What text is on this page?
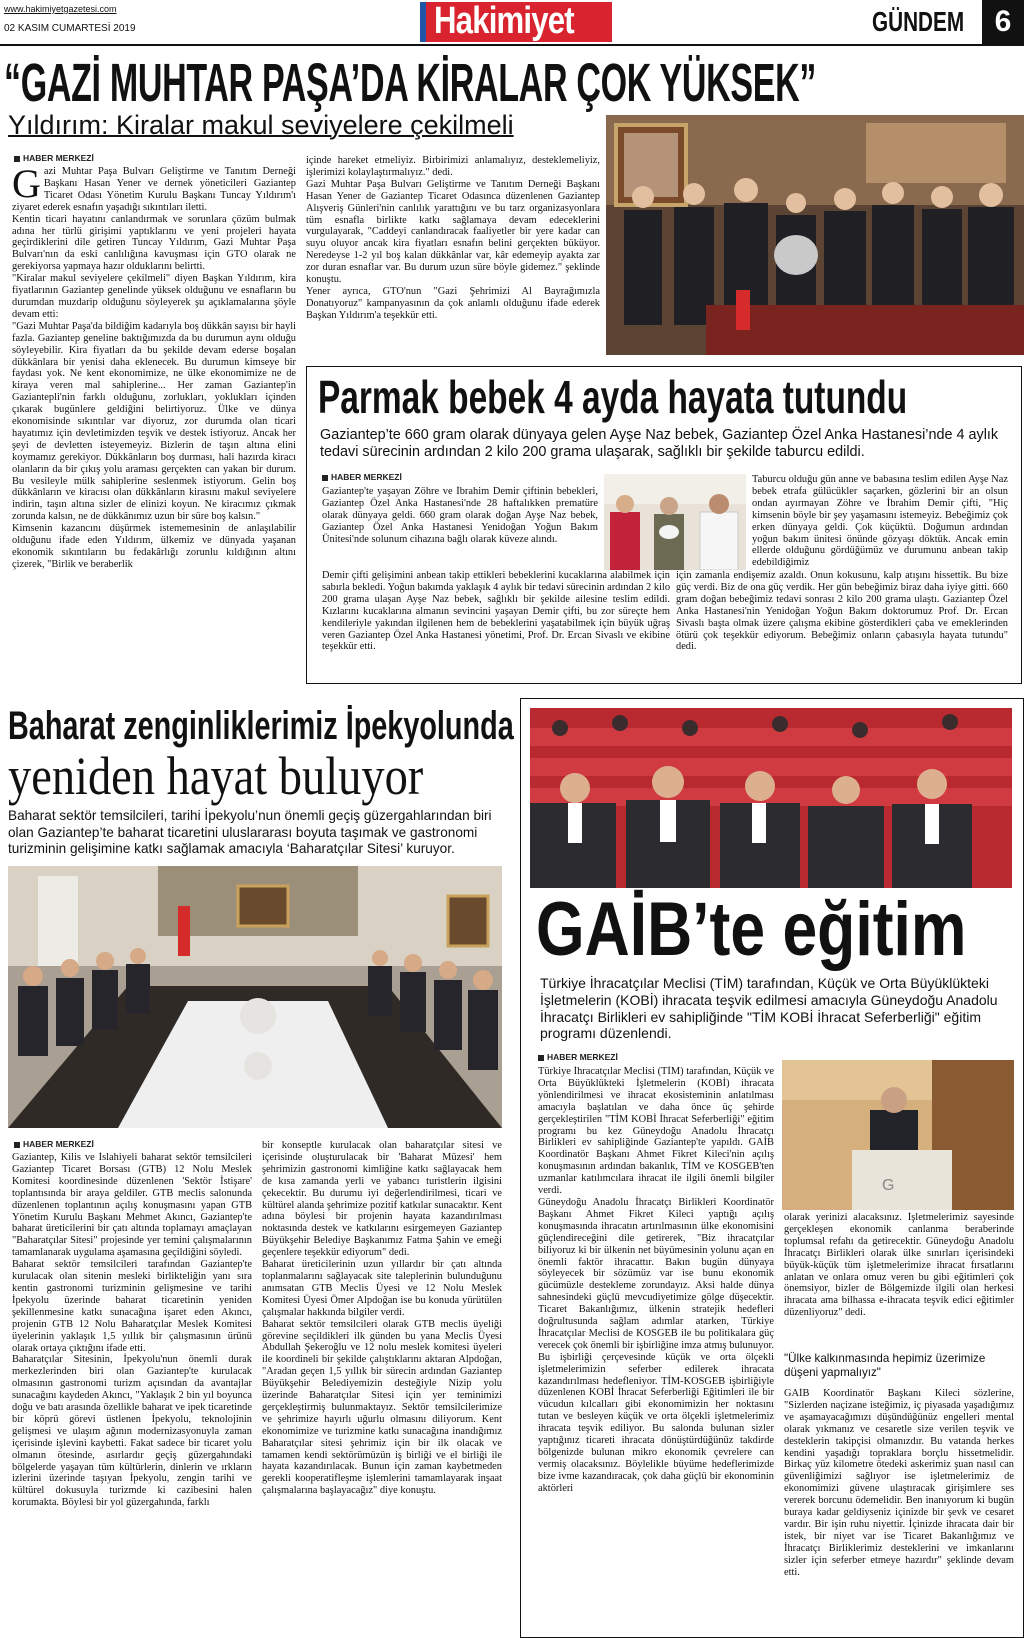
www.hakimiyetgazetesi.com
02 KASIM CUMARTESİ 2019	Hakimiyet	GÜNDEM	6
“GAZİ MUHTAR PAŞA’DA KİRALAR ÇOK YÜKSEK”
Yıldırım: Kiralar makul seviyelere çekilmeli
HABER MERKEZİ
G azi Muhtar Paşa Bulvarı Geliştirme ve Tanıtım Derneği Başkanı Hasan Yener ve dernek yöneticileri Gaziantep Ticaret Odası Yönetim Kurulu Başkanı Tuncay Yıldırım'ı ziyaret ederek esnafın yaşadığı sıkıntıları iletti.

Kentin ticari hayatını canlandırmak ve sorunlara çözüm bulmak adına her türlü girişimi yaptıklarını ve yeni projeleri hayata geçirdiklerini dile getiren Tuncay Yıldırım, Gazi Muhtar Paşa Bulvarı'nın da eski canlılığına kavuşması için GTO olarak ne gerekiyorsa yapmaya hazır olduklarını belirtti.

"Kiralar makul seviyelere çekilmeli" diyen Başkan Yıldırım, kira fiyatlarının Gaziantep genelinde yüksek olduğunu ve esnafların bu durumdan muzdarip olduğunu söyleyerek şu açıklamalarına şöyle devam etti:

"Gazi Muhtar Paşa'da bildiğim kadarıyla boş dükkân sayısı bir hayli fazla. Gaziantep geneline baktığımızda da bu durumun aynı olduğu söyleyebilir. Kira fiyatları da bu şekilde devam ederse boşalan dükkânlara bir yenisi daha eklenecek. Bu durumun kimseye bir faydası yok. Ne kent ekonomimize, ne ülke ekonomimize ne de kiraya veren mal sahiplerine... Her zaman Gaziantep'in Gaziantepli'nin farklı olduğunu, zorlukları, yoklukları içinden çıkarak bugünlere geldiğini belirtiyoruz. Ülke ve dünya ekonomisinde sıkıntılar var diyoruz, zor durumda olan ticari hayatımız için devletimizden teşvik ve destek istiyoruz. Ancak her şeyi de devletten isteyemeyiz. Bizlerin de taşın altına elini koymamız gerekiyor. Dükkânların boş durması, hali hazırda kiracı olanların da bir çıkış yolu araması gerçekten can yakan bir durum. Bu vesileyle mülk sahiplerine seslenmek istiyorum. Gelin boş dükkânların ve kiracısı olan dükkânların kirasını makul seviyelere indirin, taşın altına sizler de elinizi koyun. Ne kiracımız çıkmak zorunda kalsın, ne de dükkânımız uzun bir süre boş kalsın."

Kimsenin kazancını düşürmek istememesinin de anlaşılabilir olduğunu ifade eden Yıldırım, ülkemiz ve dünyada yaşanan ekonomik sıkıntıların bu fedakârlığı zorunlu kıldığının altını çizerek, "Birlik ve beraberlik

içinde hareket etmeliyiz. Birbirimizi anlamalıyız, desteklemeliyiz, işlerimizi kolaylaştırmalıyız." dedi.

Gazi Muhtar Paşa Bulvarı Geliştirme ve Tanıtım Derneği Başkanı Hasan Yener de Gaziantep Ticaret Odasınca düzenlenen Gaziantep Alışveriş Günleri'nin canlılık yarattığını ve bu tarz organizasyonlara tüm esnafla birlikte katkı sağlamaya devam edeceklerini vurgulayarak, "Caddeyi canlandıracak faaliyetler bir yere kadar can suyu oluyor ancak kira fiyatları esnafın belini gerçekten büküyor. Neredeyse 1-2 yıl boş kalan dükkânlar var, kâr edemeyip ayakta zar zor duran esnaflar var. Bu durum uzun süre böyle gidemez." şeklinde konuştu.

Yener ayrıca, GTO'nun "Gazi Şehrimizi Al Bayrağımızla Donatıyoruz" kampanyasının da çok anlamlı olduğunu ifade ederek Başkan Yıldırım'a teşekkür etti.

Parmak bebek 4 ayda hayata tutundu
Gaziantep’te 660 gram olarak dünyaya gelen Ayşe Naz bebek, Gaziantep Özel Anka Hastanesi’nde 4 aylık tedavi sürecinin ardından 2 kilo 200 grama ulaşarak, sağlıklı bir şekilde taburcu edildi.
HABER MERKEZİ
Gaziantep'te yaşayan Zöhre ve İbrahim Demir çiftinin bebekleri, Gaziantep Özel Anka Hastanesi'nde 28 haftalıkken prematüre olarak dünyaya geldi. 660 gram olarak doğan Ayşe Naz bebek, Gaziantep Özel Anka Hastanesi Yenidoğan Yoğun Bakım Ünitesi'nde solunum cihazına bağlı olarak küveze alındı.
Demir çifti gelişimini anbean takip ettikleri bebeklerini kucaklarına alabilmek için sabırla bekledi. Yoğun bakımda yaklaşık 4 aylık bir tedavi sürecinin ardından 2 kilo 200 grama ulaşan Ayşe Naz bebek, sağlıklı bir şekilde ailesine teslim edildi. Kızlarını kucaklarına almanın sevincini yaşayan Demir çifti, bu zor süreçte hem kendileriyle yakından ilgilenen hem de bebeklerini yaşatabilmek için büyük uğraş veren Gaziantep Özel Anka Hastanesi yönetimi, Prof. Dr. Ercan Sivaslı ve ekibine teşekkür etti.
Taburcu olduğu gün anne ve babasına teslim edilen Ayşe Naz bebek etrafa gülücükler saçarken, gözlerini bir an olsun ondan ayırmayan Zöhre ve İbrahim Demir çifti, "Hiç kimsenin böyle bir şey yaşamasını istemeyiz. Bebeğimiz çok erken dünyaya geldi. Çok küçüktü. Doğumun ardından yoğun bakım ünitesi önünde gözyaşı döktük. Ancak emin ellerde olduğunu gördüğümüz ve durumunu anbean takip edebildiğimiz
için zamanla endişemiz azaldı. Onun kokusunu, kalp atışını hissettik. Bu bize güç verdi. Biz de ona güç verdik. Her gün bebeğimiz biraz daha iyiye gitti. 660 gram doğan bebeğimiz tedavi sonrası 2 kilo 200 grama ulaştı. Gaziantep Özel Anka Hastanesi'nin Yenidoğan Yoğun Bakım doktorumuz Prof. Dr. Ercan Sivaslı başta olmak üzere çalışma ekibine gösterdikleri çaba ve emeklerinden ötürü çok teşekkür ediyorum. Bebeğimiz onların çabasıyla hayata tutundu" dedi.
Baharat zenginliklerimiz İpekyolunda
yeniden hayat buluyor
Baharat sektör temsilcileri, tarihi İpekyolu’nun önemli geçiş güzergahlarından biri olan Gaziantep’te baharat ticaretini uluslararası boyuta taşımak ve gastronomi turizminin gelişimine katkı sağlamak amacıyla ‘Baharatçılar Sitesi’ kuruyor.
HABER MERKEZİ
Gaziantep, Kilis ve İslahiyeli baharat sektör temsilcileri Gaziantep Ticaret Borsası (GTB) 12 Nolu Meslek Komitesi koordinesinde düzenlenen 'Sektör İstişare' toplantısında bir araya geldiler. GTB meclis salonunda düzenlenen toplantının açılış konuşmasını yapan GTB Yönetim Kurulu Başkanı Mehmet Akıncı, Gaziantep'te baharat üreticilerini bir çatı altında toplamayı amaçlayan "Baharatçılar Sitesi" projesinde yer temini çalışmalarının tamamlanarak uygulama aşamasına geçildiğini söyledi.
Baharat sektör temsilcileri tarafından Gaziantep'te kurulacak olan sitenin mesleki birlikteliğin yanı sıra kentin gastronomi turizminin gelişmesine ve tarihi İpekyolu üzerinde baharat ticaretinin yeniden şekillenmesine katkı sunacağına işaret eden Akıncı, projenin GTB 12 Nolu Baharatçılar Meslek Komitesi üyelerinin yaklaşık 1,5 yıllık bir çalışmasının ürünü olarak ortaya çıktığını ifade etti.
Baharatçılar Sitesinin, İpekyolu'nun önemli durak merkezlerinden biri olan Gaziantep'te kurulacak olmasının gastronomi turizm açısından da avantajlar sunacağını kaydeden Akıncı, "Yaklaşık 2 bin yıl boyunca doğu ve batı arasında özellikle baharat ve ipek ticaretinde bir köprü görevi üstlenen İpekyolu, teknolojinin gelişmesi ve ulaşım ağının modernizasyonuyla zaman içerisinde işlevini kaybetti. Fakat sadece bir ticaret yolu olmanın ötesinde, asırlardır geçiş güzergahındaki bölgelerde yaşayan tüm kültürlerin, dinlerin ve ırkların izlerini üzerinde taşıyan İpekyolu, zengin tarihi ve kültürel dokusuyla turizmde ki cazibesini halen korumakta. Böylesi bir yol güzergahında, farklı
bir konseptle kurulacak olan baharatçılar sitesi ve içerisinde oluşturulacak bir 'Baharat Müzesi' hem şehrimizin gastronomi kimliğine katkı sağlayacak hem de kısa zamanda yerli ve yabancı turistlerin ilgisini çekecektir. Bu durumu iyi değerlendirilmesi, ticari ve kültürel alanda şehrimize pozitif katkılar sunacaktır. Kent adına böylesi bir projenin hayata kazandırılması noktasında destek ve katkılarını esirgemeyen Gaziantep Büyükşehir Belediye Başkanımız Fatma Şahin ve emeği geçenlere teşekkür ediyorum" dedi.
Baharat üreticilerinin uzun yıllardır bir çatı altında toplanmalarını sağlayacak site taleplerinin bulunduğunu anımsatan GTB Meclis Üyesi ve 12 Nolu Meslek Komitesi Üyesi Ömer Alpdoğan ise bu konuda yürütülen çalışmalar hakkında bilgiler verdi.
Baharat sektör temsilcileri olarak GTB meclis üyeliği görevine seçildikleri ilk günden bu yana Meclis Üyesi Abdullah Şekeroğlu ve 12 nolu meslek komitesi üyeleri ile koordineli bir şekilde çalıştıklarını aktaran Alpdoğan, "Aradan geçen 1,5 yıllık bir sürecin ardından Gaziantep Büyükşehir Belediyemizin desteğiyle Nizip yolu üzerinde Baharatçılar Sitesi için yer teminimizi gerçekleştirmiş bulunmaktayız. Sektör temsilcilerimize ve şehrimize hayırlı uğurlu olmasını diliyorum. Kent ekonomimize ve turizmine katkı sunacağına inandığımız Baharatçılar sitesi şehrimiz için bir ilk olacak ve tamamen kendi sektörümüzün iş birliği ve el birliği ile hayata kazandırılacak. Bunun için zaman kaybetmeden gerekli kooperatifleşme işlemlerini tamamlayarak inşaat çalışmalarına başlayacağız" diye konuştu.
GAİB’te eğitim
Türkiye İhracatçılar Meclisi (TİM) tarafından, Küçük ve Orta Büyüklükteki İşletmelerin (KOBİ) ihracata teşvik edilmesi amacıyla Güneydoğu Anadolu İhracatçı Birlikleri ev sahipliğinde "TİM KOBİ İhracat Seferberliği" eğitim programı düzenlendi.
HABER MERKEZİ
G
Türkiye İhracatçılar Meclisi (TİM) tarafından, Küçük ve Orta Büyüklükteki İşletmelerin (KOBİ) ihracata yönlendirilmesi ve ihracat ekosisteminin anlatılması amacıyla başlatılan ve daha önce üç şehirde gerçekleştirilen "TİM KOBİ İhracat Seferberliği" eğitim programı bu kez Güneydoğu Anadolu İhracatçı Birlikleri ev sahipliğinde Gaziantep'te yapıldı. GAİB Koordinatör Başkanı Ahmet Fikret Kileci'nin açılış konuşmasının ardından bakanlık, TİM ve KOSGEB'ten uzmanlar katılımcılara ihracat ile ilgili önemli bilgiler verdi.
Güneydoğu Anadolu İhracatçı Birlikleri Koordinatör Başkanı Ahmet Fikret Kileci yaptığı açılış konuşmasında ihracatın artırılmasının ülke ekonomisini güçlendireceğini dile getirerek, "Biz ihracatçılar biliyoruz ki bir ülkenin net büyümesinin yolunu açan en önemli faktör ihracattır. Bakın bugün dünyaya söyleyecek bir sözümüz var ise bunu ekonomik gücümüzle destekleme zorundayız. Aksi halde dünya sahnesindeki güçlü mevcudiyetimize gölge düşecektir. Ticaret Bakanlığımız, ülkenin stratejik hedefleri doğrultusunda sağlam adımlar atarken, Türkiye İhracatçılar Meclisi de KOSGEB ile bu politikalara güç verecek çok önemli bir işbirliğine imza atmış bulunuyor. Bu işbirliği çerçevesinde küçük ve orta ölçekli işletmelerimizin seferber edilerek ihracata kazandırılması hedefleniyor. TİM-KOSGEB işbirliğiyle düzenlenen KOBİ İhracat Seferberliği Eğitimleri ile bir vücudun kılcalları gibi ekonomimizin her noktasını tutan ve besleyen küçük ve orta ölçekli işletmelerimiz ihracata teşvik ediliyor. Bu salonda bulunan sizler yaptığınız ticareti ihracata dönüştürdüğünüz takdirde bölgenizde bulunan mikro ekonomik çevrelere can vermiş olacaksınız. Böylelikle büyüme hedeflerimizde bize ivme kazandıracak, çok daha güçlü bir ekonominin aktörleri
olarak yerinizi alacaksınız. İşletmelerimiz sayesinde gerçekleşen ekonomik canlanma beraberinde toplumsal refahı da getirecektir. Güneydoğu Anadolu İhracatçı Birlikleri olarak ülke sınırları içerisindeki büyük-küçük tüm işletmelerimize ihracat fırsatlarını anlatan ve onlara omuz veren bu gibi eğitimleri çok önemsiyor, bizler de Bölgemizde ilgili olan herkesi ihracata ama bilhassa e-ihracata teşvik edici eğitimler düzenliyoruz" dedi.
"Ülke kalkınmasında hepimiz üzerimize düşeni yapmalıyız"
GAİB Koordinatör Başkanı Kileci sözlerine, "Sizlerden naçizane isteğimiz, iç piyasada yaşadığımız ve aşamayacağımızı düşündüğünüz engelleri mental olarak yıkmanız ve cesaretle size verilen teşvik ve desteklerin takipçisi olmanızdır. Bu vatanda herkes kendini yaşadığı topraklara borçlu hissetmelidir. Birkaç yüz kilometre ötedeki askerimiz şuan nasıl can güvenliğimizi sağlıyor ise işletmelerimiz de ekonomimizi güvene ulaştıracak girişimlere ses vererek borcunu ödemelidir. Ben inanıyorum ki bugün buraya kadar geldiyseniz içinizde bir şevk ve cesaret vardır. Bir işin ruhu niyettir. İçinizde ihracata dair bir istek, bir niyet var ise Ticaret Bakanlığımız ve İhracatçı Birliklerimiz desteklerini ve imkanlarını sizler için seferber etmeye hazırdır" şeklinde devam etti.
